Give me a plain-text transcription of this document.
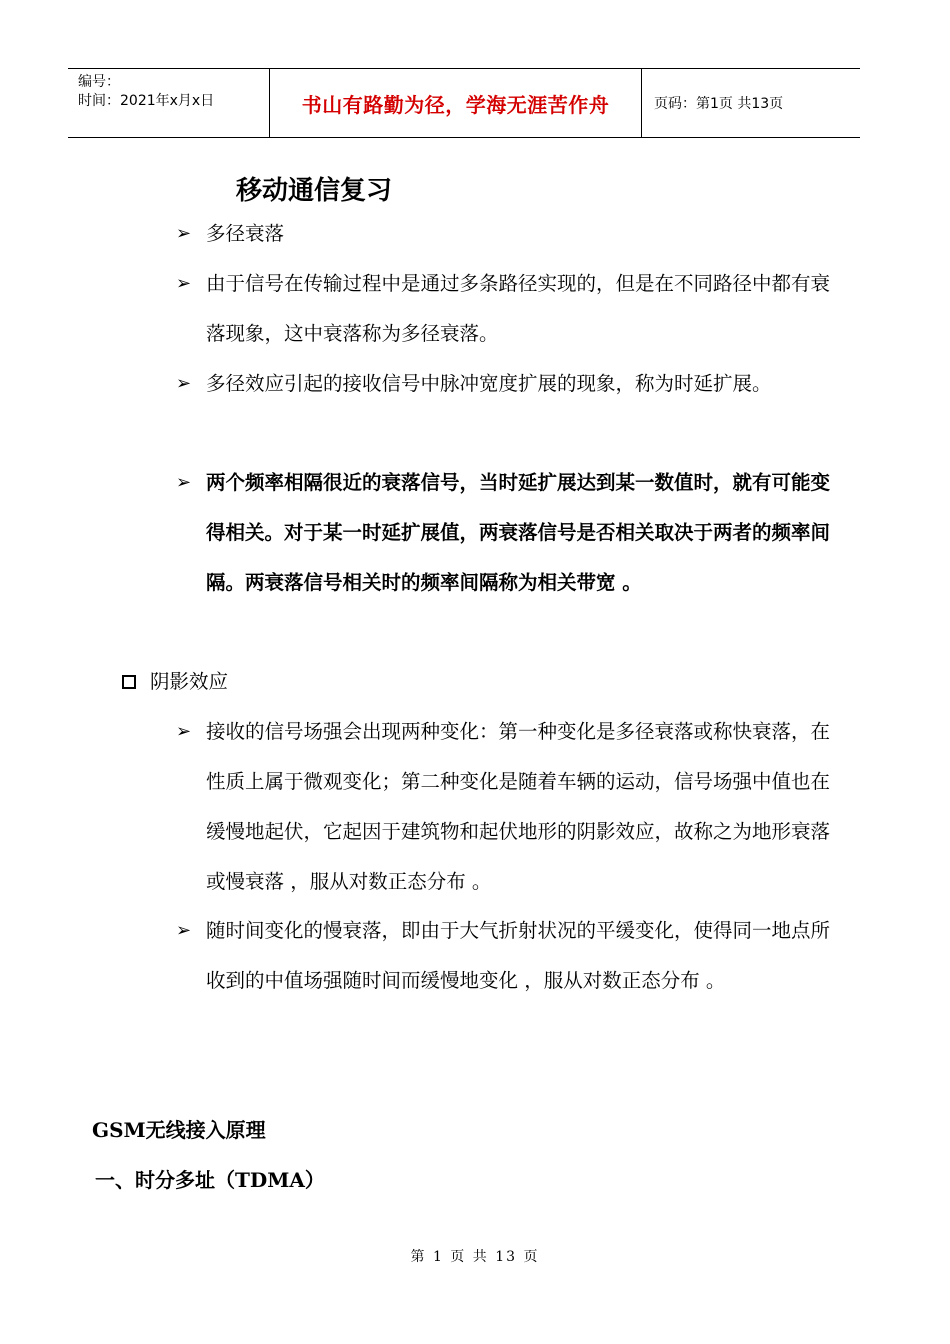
编号：
时间：2021年x月x日	书山有路勤为径，学海无涯苦作舟	页码：第1页 共13页
移动通信复习
➢ 多径衰落
➢ 由于信号在传输过程中是通过多条路径实现的，但是在不同路径中都有衰落现象，这中衰落称为多径衰落。
➢ 多径效应引起的接收信号中脉冲宽度扩展的现象，称为时延扩展。
➢ 两个频率相隔很近的衰落信号，当时延扩展达到某一数值时，就有可能变得相关。对于某一时延扩展值，两衰落信号是否相关取决于两者的频率间隔。两衰落信号相关时的频率间隔称为相关带宽 。
阴影效应
➢ 接收的信号场强会出现两种变化：第一种变化是多径衰落或称快衰落，在性质上属于微观变化；第二种变化是随着车辆的运动，信号场强中值也在缓慢地起伏，它起因于建筑物和起伏地形的阴影效应，故称之为地形衰落或慢衰落 ，服从对数正态分布 。
➢ 随时间变化的慢衰落，即由于大气折射状况的平缓变化，使得同一地点所收到的中值场强随时间而缓慢地变化 ，服从对数正态分布 。
GSM无线接入原理
一、时分多址（TDMA）
第 1 页 共 13 页
